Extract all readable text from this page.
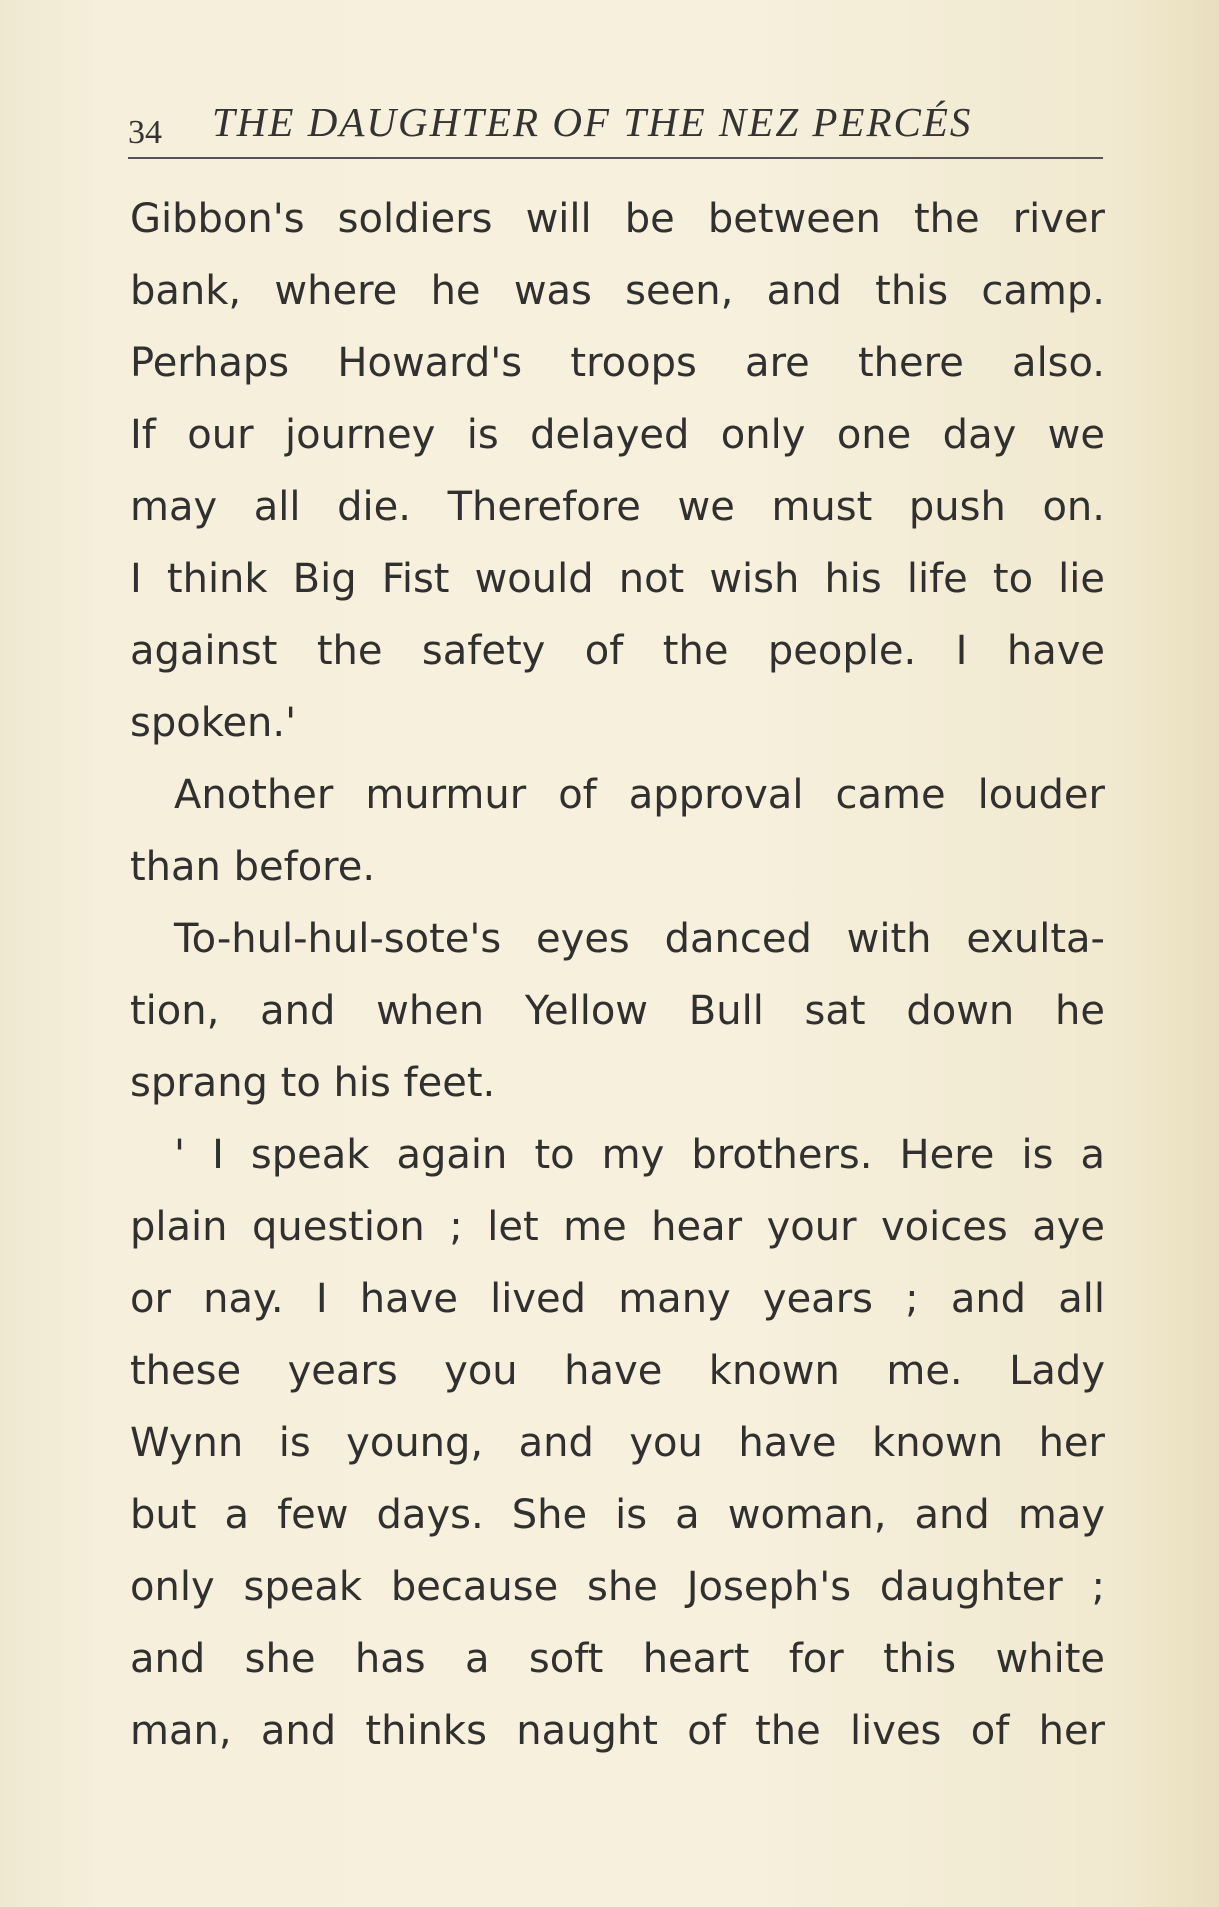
34 THE DAUGHTER OF THE NEZ PERCÉS
Gibbon's soldiers will be between the river
bank, where he was seen, and this camp.
Perhaps Howard's troops are there also.
If our journey is delayed only one day we
may all die. Therefore we must push on.
I think Big Fist would not wish his life to lie
against the safety of the people. I have
spoken.'
Another murmur of approval came louder
than before.
To-hul-hul-sote's eyes danced with exulta-
tion, and when Yellow Bull sat down he
sprang to his feet.
' I speak again to my brothers. Here is a
plain question ; let me hear your voices aye
or nay. I have lived many years ; and all
these years you have known me. Lady
Wynn is young, and you have known her
but a few days. She is a woman, and may
only speak because she Joseph's daughter ;
and she has a soft heart for this white
man, and thinks naught of the lives of her
